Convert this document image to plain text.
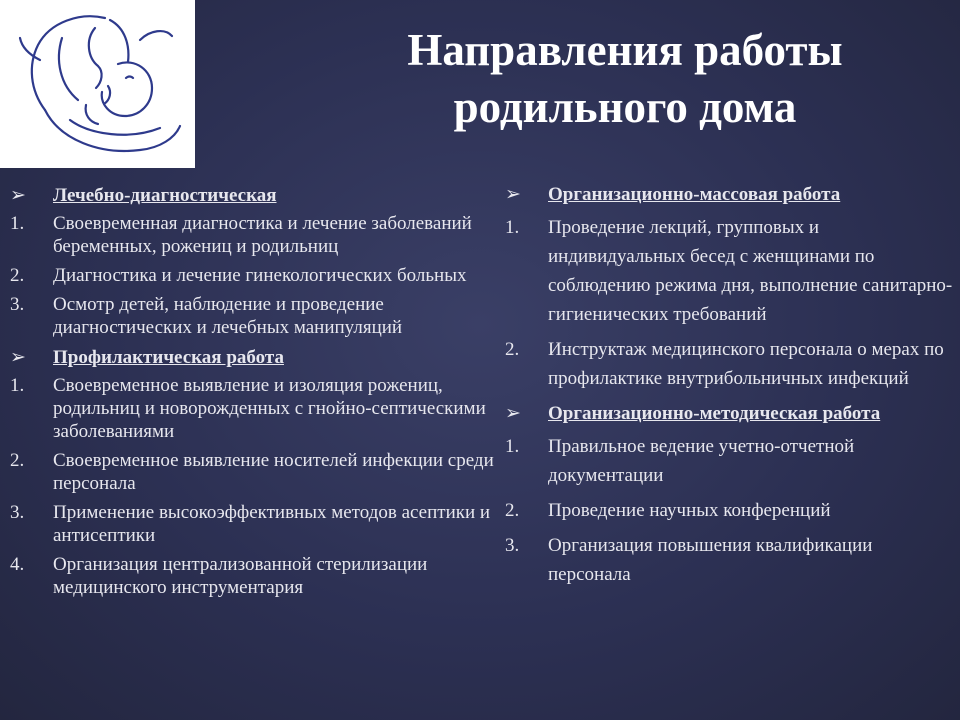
Направления работы
родильного дома
➢ Лечебно-диагностическая
1. Своевременная диагностика и лечение заболеваний беременных, рожениц и родильниц
2. Диагностика и лечение гинекологических больных
3. Осмотр детей, наблюдение и проведение диагностических и лечебных манипуляций
➢ Профилактическая работа
1. Своевременное выявление и изоляция рожениц, родильниц и новорожденных с гнойно-септическими заболеваниями
2. Своевременное выявление носителей инфекции среди персонала
3. Применение высокоэффективных методов асептики и антисептики
4. Организация централизованной стерилизации медицинского инструментария
➢ Организационно-массовая работа
1. Проведение лекций, групповых и индивидуальных бесед с женщинами по соблюдению режима дня, выполнение санитарно-гигиенических требований
2. Инструктаж медицинского персонала о мерах по профилактике внутрибольничных инфекций
➢ Организационно-методическая работа
1. Правильное ведение учетно-отчетной документации
2. Проведение научных конференций
3. Организация повышения квалификации персонала
